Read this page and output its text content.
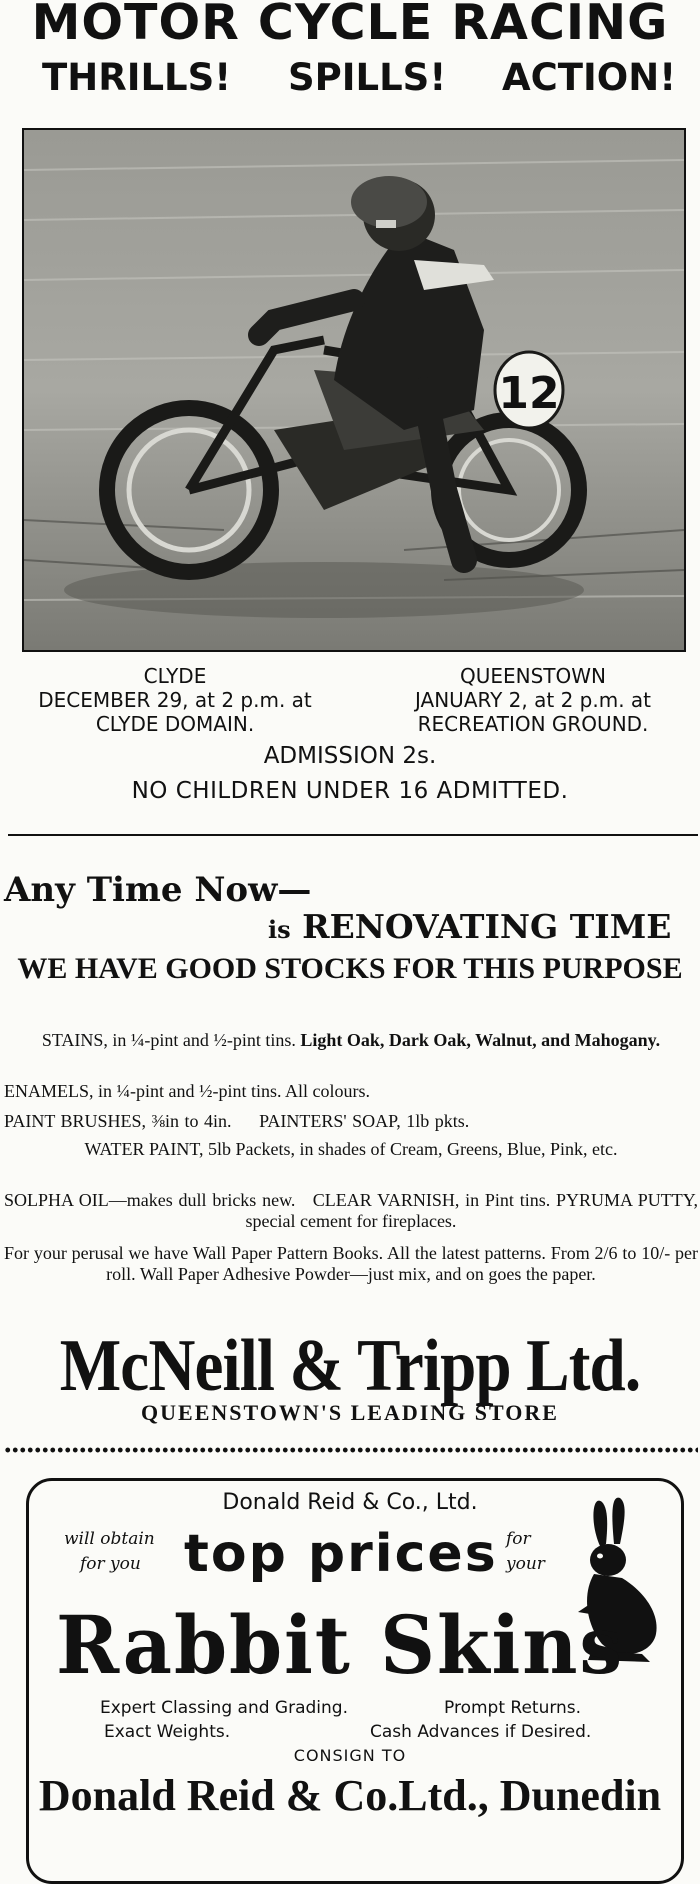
MOTOR CYCLE RACING
THRILLS! SPILLS! ACTION!
12
CLYDE
DECEMBER 29, at 2 p.m. at
CLYDE DOMAIN.
QUEENSTOWN
JANUARY 2, at 2 p.m. at
RECREATION GROUND.
ADMISSION 2s.
NO CHILDREN UNDER 16 ADMITTED.
Any Time Now—
is RENOVATING TIME
WE HAVE GOOD STOCKS FOR THIS PURPOSE
STAINS, in ¼-pint and ½-pint tins. Light Oak, Dark Oak, Walnut, and Mahogany.
ENAMELS, in ¼-pint and ½-pint tins. All colours.
PAINT BRUSHES, ⅜in to 4in. PAINTERS' SOAP, 1lb pkts.
WATER PAINT, 5lb Packets, in shades of Cream, Greens, Blue, Pink, etc.
SOLPHA OIL—makes dull bricks new. CLEAR VARNISH, in Pint tins. PYRUMA PUTTY, special cement for fireplaces.
For your perusal we have Wall Paper Pattern Books. All the latest patterns. From 2/6 to 10/- per roll. Wall Paper Adhesive Powder—just mix, and on goes the paper.
McNeill & Tripp Ltd.
QUEENSTOWN'S LEADING STORE
Donald Reid & Co., Ltd.
will obtain
for you top prices for
your
Rabbit Skins
Expert Classing and Grading.	Prompt Returns.
Exact Weights.	Cash Advances if Desired.
CONSIGN TO
Donald Reid & Co.Ltd., Dunedin
